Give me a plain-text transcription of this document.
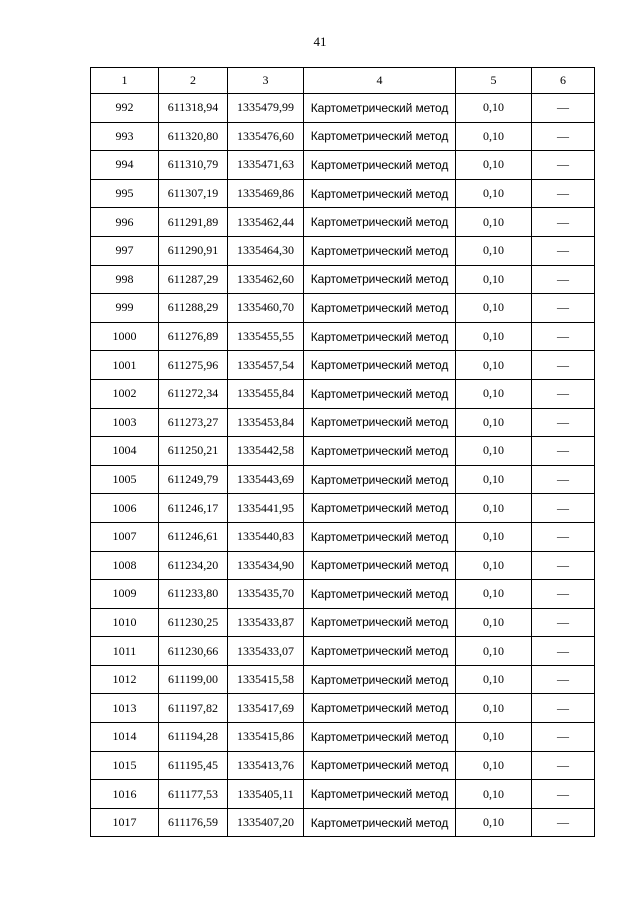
41
1	2	3	4	5	6
992	611318,94	1335479,99	Картометрический метод	0,10	—
993	611320,80	1335476,60	Картометрический метод	0,10	—
994	611310,79	1335471,63	Картометрический метод	0,10	—
995	611307,19	1335469,86	Картометрический метод	0,10	—
996	611291,89	1335462,44	Картометрический метод	0,10	—
997	611290,91	1335464,30	Картометрический метод	0,10	—
998	611287,29	1335462,60	Картометрический метод	0,10	—
999	611288,29	1335460,70	Картометрический метод	0,10	—
1000	611276,89	1335455,55	Картометрический метод	0,10	—
1001	611275,96	1335457,54	Картометрический метод	0,10	—
1002	611272,34	1335455,84	Картометрический метод	0,10	—
1003	611273,27	1335453,84	Картометрический метод	0,10	—
1004	611250,21	1335442,58	Картометрический метод	0,10	—
1005	611249,79	1335443,69	Картометрический метод	0,10	—
1006	611246,17	1335441,95	Картометрический метод	0,10	—
1007	611246,61	1335440,83	Картометрический метод	0,10	—
1008	611234,20	1335434,90	Картометрический метод	0,10	—
1009	611233,80	1335435,70	Картометрический метод	0,10	—
1010	611230,25	1335433,87	Картометрический метод	0,10	—
1011	611230,66	1335433,07	Картометрический метод	0,10	—
1012	611199,00	1335415,58	Картометрический метод	0,10	—
1013	611197,82	1335417,69	Картометрический метод	0,10	—
1014	611194,28	1335415,86	Картометрический метод	0,10	—
1015	611195,45	1335413,76	Картометрический метод	0,10	—
1016	611177,53	1335405,11	Картометрический метод	0,10	—
1017	611176,59	1335407,20	Картометрический метод	0,10	—
